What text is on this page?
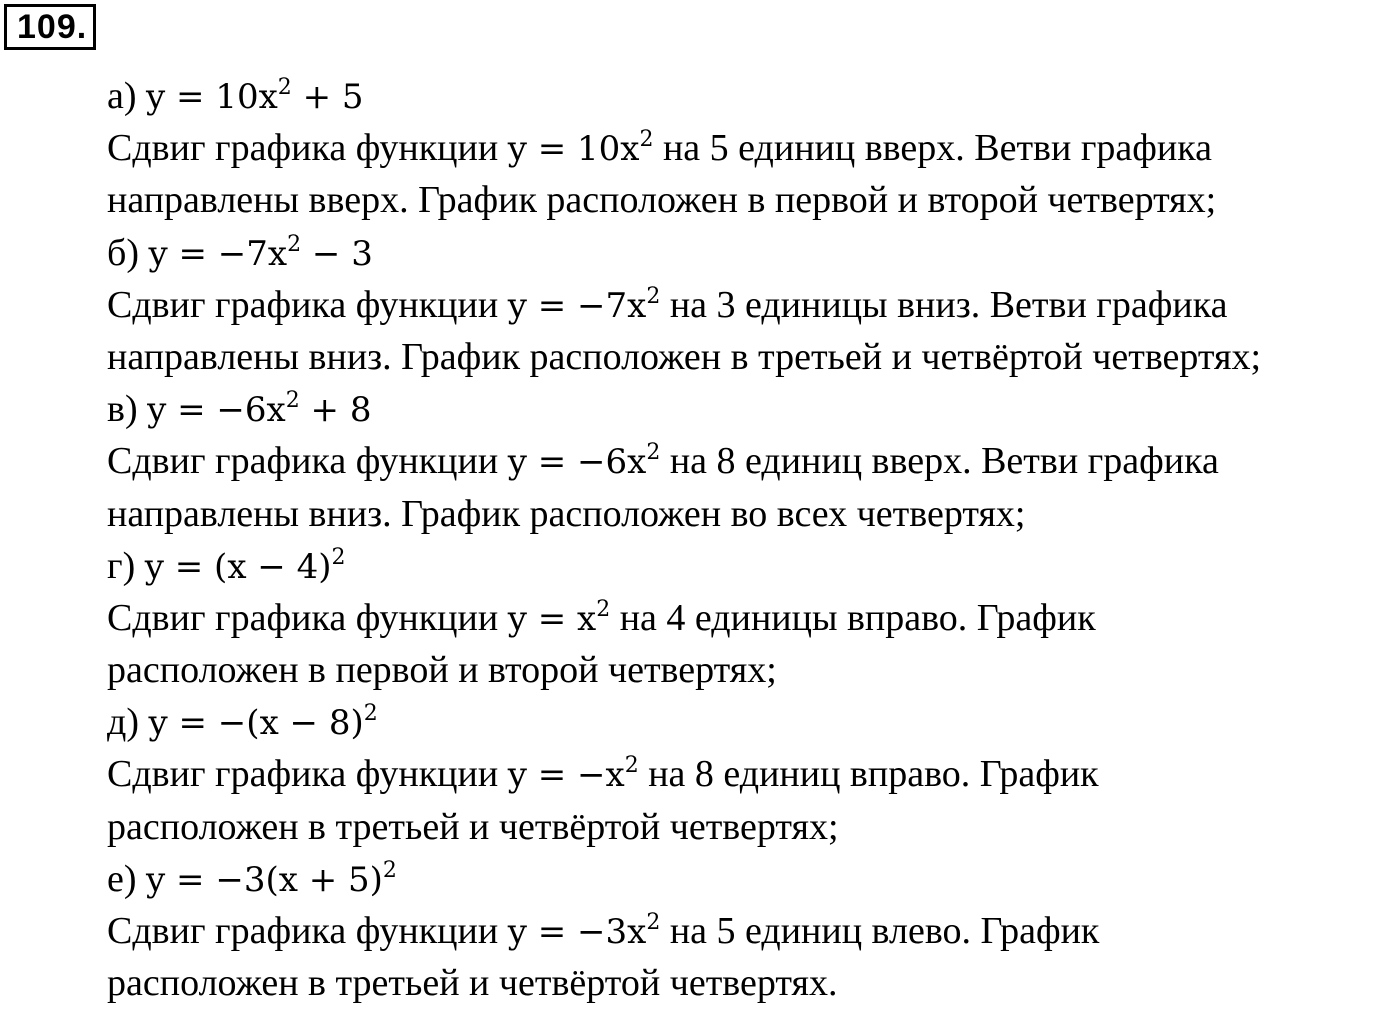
109 .
а) $y = 10x^2 + 5$
Сдвиг графика функции $y = 10x^2$ на 5 единиц вверх. Ветви графика
направлены вверх. График расположен в первой и второй четвертях;
б) $y = -7x^2 - 3$
Сдвиг графика функции $y = -7x^2$ на 3 единицы вниз. Ветви графика
направлены вниз. График расположен в третьей и четвёртой четвертях;
в) $y = -6x^2 + 8$
Сдвиг графика функции $y = -6x^2$ на 8 единиц вверх. Ветви графика
направлены вниз. График расположен во всех четвертях;
г) $y = (x - 4)^2$
Сдвиг графика функции $y = x^2$ на 4 единицы вправо. График
расположен в первой и второй четвертях;
д) $y = -(x - 8)^2$
Сдвиг графика функции $y = -x^2$ на 8 единиц вправо. График
расположен в третьей и четвёртой четвертях;
е) $y = -3(x + 5)^2$
Сдвиг графика функции $y = -3x^2$ на 5 единиц влево. График
расположен в третьей и четвёртой четвертях.
